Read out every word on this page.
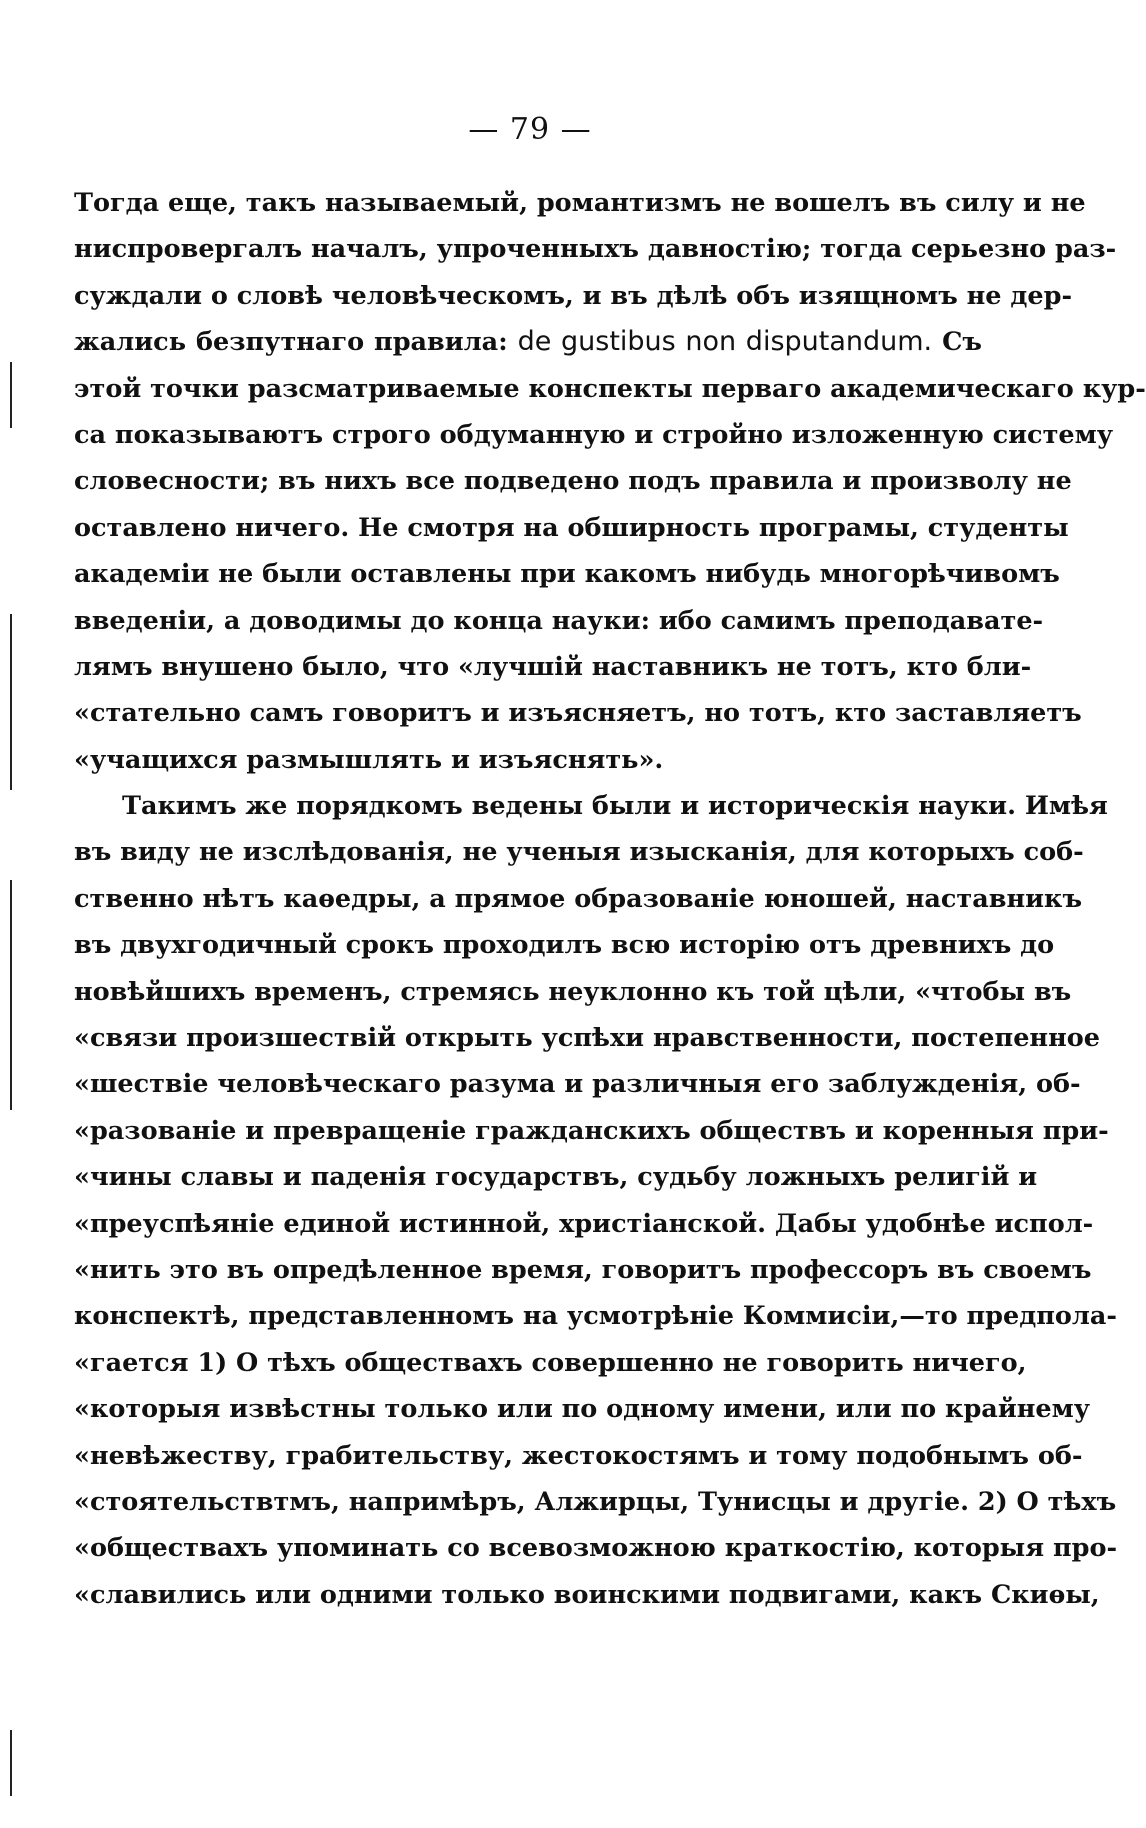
— 79 —
Тогда еще, такъ называемый, романтизмъ не вошелъ въ силу и не
ниспровергалъ началъ, упроченныхъ давностію; тогда серьезно раз-
суждали о словѣ человѣческомъ, и въ дѣлѣ объ изящномъ не дер-
жались безпутнаго правила: de gustibus non disputandum. Съ
этой точки разсматриваемые конспекты перваго академическаго кур-
са показываютъ строго обдуманную и стройно изложенную систему
словесности; въ нихъ все подведено подъ правила и произволу не
оставлено ничего. Не смотря на обширность програмы, студенты
академіи не были оставлены при какомъ нибудь многорѣчивомъ
введеніи, а доводимы до конца науки: ибо самимъ преподавате-
лямъ внушено было, что «лучшій наставникъ не тотъ, кто бли-
«стательно самъ говоритъ и изъясняетъ, но тотъ, кто заставляетъ
«учащихся размышлять и изъяснять».
Такимъ же порядкомъ ведены были и историческія науки. Имѣя
въ виду не изслѣдованія, не ученыя изысканія, для которыхъ соб-
ственно нѣтъ каѳедры, а прямое образованіе юношей, наставникъ
въ двухгодичный срокъ проходилъ всю исторію отъ древнихъ до
новѣйшихъ временъ, стремясь неуклонно къ той цѣли, «чтобы въ
«связи произшествій открыть успѣхи нравственности, постепенное
«шествіе человѣческаго разума и различныя его заблужденія, об-
«разованіе и превращеніе гражданскихъ обществъ и коренныя при-
«чины славы и паденія государствъ, судьбу ложныхъ религій и
«преуспѣяніе единой истинной, христіанской. Дабы удобнѣе испол-
«нить это въ опредѣленное время, говоритъ профессоръ въ своемъ
конспектѣ, представленномъ на усмотрѣніе Коммисіи,—то предпола-
«гается 1) О тѣхъ обществахъ совершенно не говорить ничего,
«которыя извѣстны только или по одному имени, или по крайнему
«невѣжеству, грабительству, жестокостямъ и тому подобнымъ об-
«стоятельствтмъ, напримѣръ, Алжирцы, Тунисцы и другіе. 2) О тѣхъ
«обществахъ упоминать со всевозможною краткостію, которыя про-
«славились или одними только воинскими подвигами, какъ Скиѳы,
